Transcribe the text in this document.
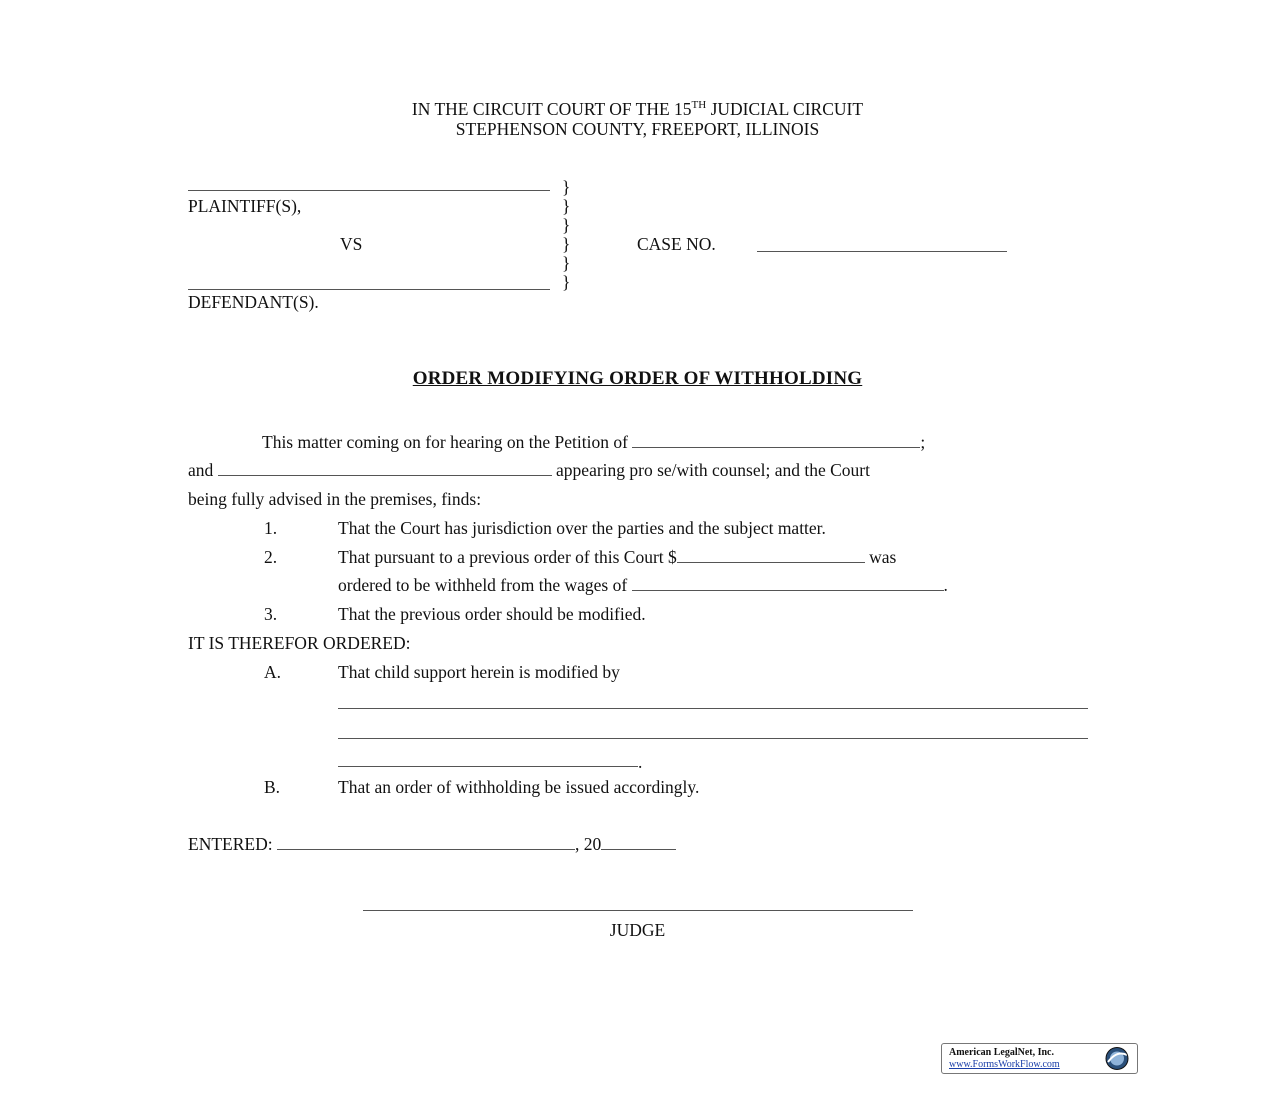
IN THE CIRCUIT COURT OF THE 15TH JUDICIAL CIRCUIT
STEPHENSON COUNTY, FREEPORT, ILLINOIS
PLAINTIFF(S),
VS
DEFENDANT(S).
}
}
}
}
}
}
CASE NO.
ORDER MODIFYING ORDER OF WITHHOLDING
This matter coming on for hearing on the Petition of	;
and	appearing pro se/with counsel; and the Court
being fully advised in the premises, finds:
1.	That the Court has jurisdiction over the parties and the subject matter.
2.	That pursuant to a previous order of this Court $	was
ordered to be withheld from the wages of	.
3.	That the previous order should be modified.
IT IS THEREFOR ORDERED:
A.	That child support herein is modified by
.
B.	That an order of withholding be issued accordingly.
ENTERED:	, 20
JUDGE
American LegalNet, Inc.
www.FormsWorkFlow.com
